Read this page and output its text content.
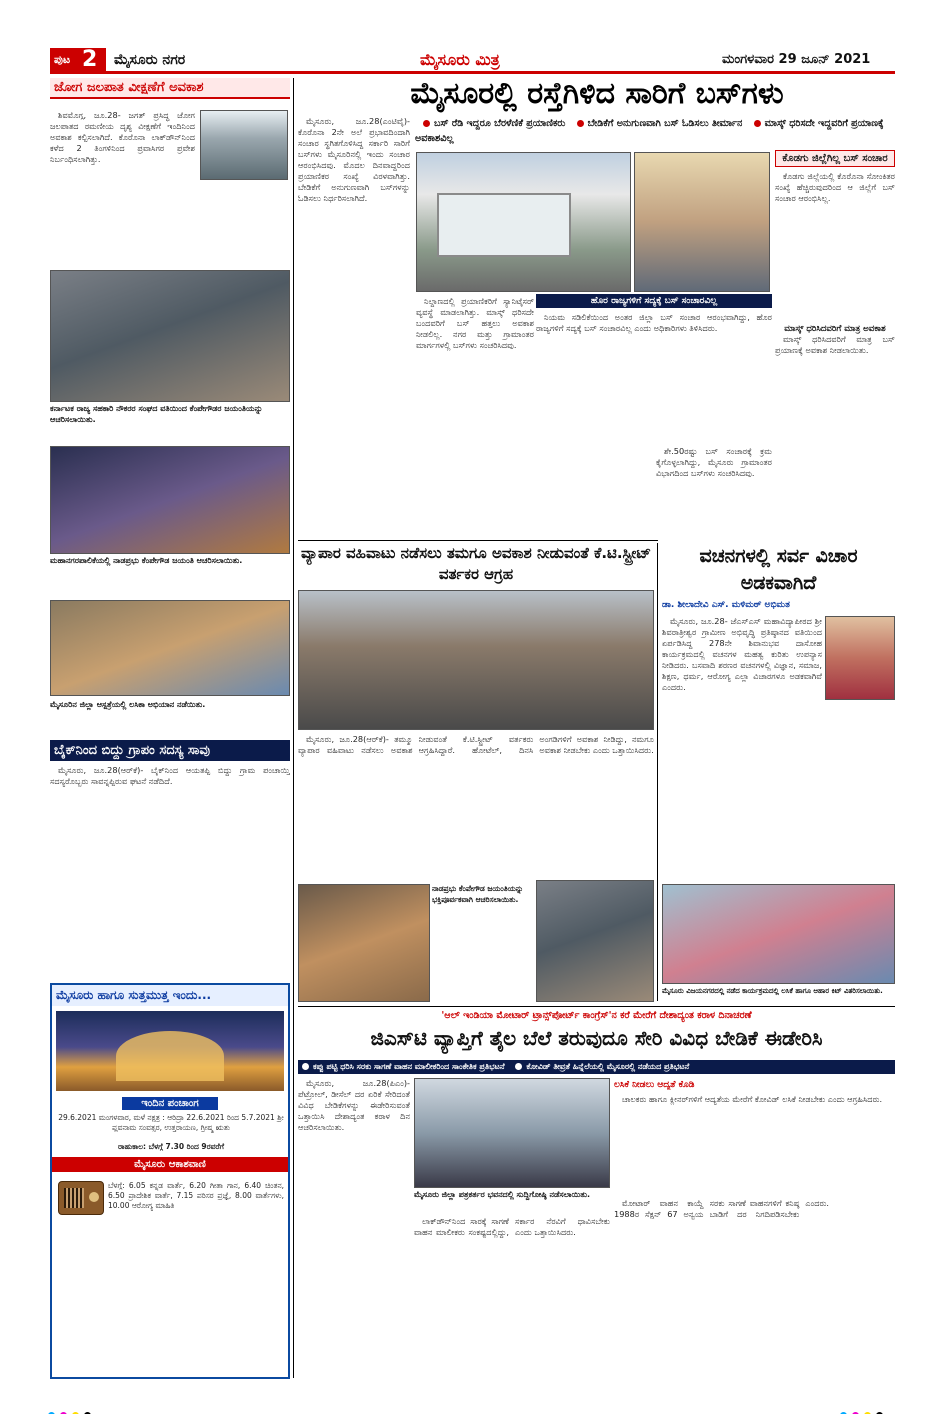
ಪುಟ 2 ಮೈಸೂರು ನಗರ	ಮೈಸೂರು ಮಿತ್ರ	ಮಂಗಳವಾರ 29 ಜೂನ್ 2021
ಜೋಗ ಜಲಪಾತ ವೀಕ್ಷಣೆಗೆ ಅವಕಾಶ

ಶಿವಮೊಗ್ಗ, ಜೂ.28- ಜಗತ್ ಪ್ರಸಿದ್ಧ ಜೋಗ ಜಲಪಾತದ ರಮಣೀಯ ದೃಶ್ಯ ವೀಕ್ಷಣೆಗೆ ಇಂದಿನಿಂದ ಅವಕಾಶ ಕಲ್ಪಿಸಲಾಗಿದೆ. ಕೊರೊನಾ ಲಾಕ್‌ಡೌನ್‌ನಿಂದ ಕಳೆದ 2 ತಿಂಗಳಿನಿಂದ ಪ್ರವಾಸಿಗರ ಪ್ರವೇಶ ನಿರ್ಬಂಧಿಸಲಾಗಿತ್ತು.

ಕರ್ನಾಟಕ ರಾಜ್ಯ ಸಹಕಾರಿ ನೌಕರರ ಸಂಘದ ವತಿಯಿಂದ ಕೆಂಪೇಗೌಡರ ಜಯಂತಿಯನ್ನು ಆಚರಿಸಲಾಯಿತು.
ಮಹಾನಗರಪಾಲಿಕೆಯಲ್ಲಿ ನಾಡಪ್ರಭು ಕೆಂಪೇಗೌಡ ಜಯಂತಿ ಆಚರಿಸಲಾಯಿತು.
ಮೈಸೂರಿನ ಜಿಲ್ಲಾ ಆಸ್ಪತ್ರೆಯಲ್ಲಿ ಲಸಿಕಾ ಅಭಿಯಾನ ನಡೆಯಿತು.
ಬೈಕ್‌ನಿಂದ ಬಿದ್ದು ಗ್ರಾಪಂ ಸದಸ್ಯ ಸಾವು

ಮೈಸೂರು, ಜೂ.28(ಆರ್‌ಕೆ)- ಬೈಕ್‌ನಿಂದ ಆಯತಪ್ಪಿ ಬಿದ್ದು ಗ್ರಾಮ ಪಂಚಾಯ್ತಿ ಸದಸ್ಯರೊಬ್ಬರು ಸಾವನ್ನಪ್ಪಿರುವ ಘಟನೆ ನಡೆದಿದೆ.

ಮೈಸೂರು ಹಾಗೂ ಸುತ್ತಮುತ್ತ ಇಂದು...
ಇಂದಿನ ಪಂಚಾಂಗ
29.6.2021 ಮಂಗಳವಾರ, ಮಳೆ ನಕ್ಷತ್ರ : ಆರಿದ್ರಾ 22.6.2021 ರಿಂದ 5.7.2021 ಶ್ರೀ ಪ್ಲವನಾಮ ಸಂವತ್ಸರ, ಉತ್ತರಾಯಣ, ಗ್ರೀಷ್ಮ ಋತು
ರಾಹುಕಾಲ: ಬೆಳಗ್ಗೆ 7.30 ರಿಂದ 9ರವರೆಗೆ
ಮೈಸೂರು ಆಕಾಶವಾಣಿ
ಬೆಳಗ್ಗೆ: 6.05 ಕನ್ನಡ ವಾರ್ತೆ, 6.20 ಗೀತಾ ಗಾನ, 6.40 ಚಿಂತನ, 6.50 ಪ್ರಾದೇಶಿಕ ವಾರ್ತೆ, 7.15 ಪರಿಸರ ಪ್ರಜ್ಞೆ, 8.00 ವಾರ್ತೆಗಳು, 10.00 ಆರೋಗ್ಯ ಮಾಹಿತಿ
ಮೈಸೂರಲ್ಲಿ ರಸ್ತೆಗಿಳಿದ ಸಾರಿಗೆ ಬಸ್‌ಗಳು
ಬಸ್ ರೆಡಿ ಇದ್ದರೂ ಬೆರಳೆಣಿಕೆ ಪ್ರಯಾಣಿಕರು ಬೇಡಿಕೆಗೆ ಅನುಗುಣವಾಗಿ ಬಸ್ ಓಡಿಸಲು ತೀರ್ಮಾನ ಮಾಸ್ಕ್ ಧರಿಸದೇ ಇದ್ದವರಿಗೆ ಪ್ರಯಾಣಕ್ಕೆ ಅವಕಾಶವಿಲ್ಲ

ಮೈಸೂರು, ಜೂ.28(ಎಂಟಿವೈ)- ಕೊರೊನಾ 2ನೇ ಅಲೆ ಪ್ರಭಾವದಿಂದಾಗಿ ಸಂಚಾರ ಸ್ಥಗಿತಗೊಳಿಸಿದ್ದ ಸರ್ಕಾರಿ ಸಾರಿಗೆ ಬಸ್‌ಗಳು ಮೈಸೂರಿನಲ್ಲಿ ಇಂದು ಸಂಚಾರ ಆರಂಭಿಸಿದವು. ಮೊದಲ ದಿನವಾದ್ದರಿಂದ ಪ್ರಯಾಣಿಕರ ಸಂಖ್ಯೆ ವಿರಳವಾಗಿತ್ತು. ಬೇಡಿಕೆಗೆ ಅನುಗುಣವಾಗಿ ಬಸ್‌ಗಳನ್ನು ಓಡಿಸಲು ನಿರ್ಧರಿಸಲಾಗಿದೆ.

ಕೊಡಗು ಜಿಲ್ಲೆಗಿಲ್ಲ ಬಸ್ ಸಂಚಾರ

ಕೊಡಗು ಜಿಲ್ಲೆಯಲ್ಲಿ ಕೊರೊನಾ ಸೋಂಕಿತರ ಸಂಖ್ಯೆ ಹೆಚ್ಚಿರುವುದರಿಂದ ಆ ಜಿಲ್ಲೆಗೆ ಬಸ್ ಸಂಚಾರ ಆರಂಭಿಸಿಲ್ಲ.

ಮಾಸ್ಕ್ ಧರಿಸಿದವರಿಗೆ ಮಾತ್ರ ಅವಕಾಶ

ಮಾಸ್ಕ್ ಧರಿಸಿದವರಿಗೆ ಮಾತ್ರ ಬಸ್ ಪ್ರಯಾಣಕ್ಕೆ ಅವಕಾಶ ನೀಡಲಾಯಿತು.

ನಿಲ್ದಾಣದಲ್ಲಿ ಪ್ರಯಾಣಿಕರಿಗೆ ಸ್ಯಾನಿಟೈಸರ್ ವ್ಯವಸ್ಥೆ ಮಾಡಲಾಗಿತ್ತು. ಮಾಸ್ಕ್ ಧರಿಸದೇ ಬಂದವರಿಗೆ ಬಸ್ ಹತ್ತಲು ಅವಕಾಶ ನೀಡಲಿಲ್ಲ. ನಗರ ಮತ್ತು ಗ್ರಾಮಾಂತರ ಮಾರ್ಗಗಳಲ್ಲಿ ಬಸ್‌ಗಳು ಸಂಚರಿಸಿದವು.

ಹೊರ ರಾಜ್ಯಗಳಿಗೆ ಸದ್ಯಕ್ಕೆ ಬಸ್ ಸಂಚಾರವಿಲ್ಲ

ನಿಯಮ ಸಡಿಲಿಕೆಯಿಂದ ಅಂತರ ಜಿಲ್ಲಾ ಬಸ್ ಸಂಚಾರ ಆರಂಭವಾಗಿದ್ದು, ಹೊರ ರಾಜ್ಯಗಳಿಗೆ ಸದ್ಯಕ್ಕೆ ಬಸ್ ಸಂಚಾರವಿಲ್ಲ ಎಂದು ಅಧಿಕಾರಿಗಳು ತಿಳಿಸಿದರು.

ಶೇ.50ರಷ್ಟು ಬಸ್ ಸಂಚಾರಕ್ಕೆ ಕ್ರಮ ಕೈಗೊಳ್ಳಲಾಗಿದ್ದು, ಮೈಸೂರು ಗ್ರಾಮಾಂತರ ವಿಭಾಗದಿಂದ ಬಸ್‌ಗಳು ಸಂಚರಿಸಿದವು.

ವ್ಯಾಪಾರ ವಹಿವಾಟು ನಡೆಸಲು ತಮಗೂ ಅವಕಾಶ ನೀಡುವಂತೆ ಕೆ.ಟಿ.ಸ್ಟ್ರೀಟ್ ವರ್ತಕರ ಆಗ್ರಹ

ಮೈಸೂರು, ಜೂ.28(ಆರ್‌ಕೆ)- ತಮ್ಮೂ ವ್ಯಾಪಾರ ವಹಿವಾಟು ನಡೆಸಲು ಅವಕಾಶ ನೀಡುವಂತೆ ಕೆ.ಟಿ.ಸ್ಟ್ರೀಟ್ ವರ್ತಕರು ಆಗ್ರಹಿಸಿದ್ದಾರೆ. ಹೋಟೆಲ್, ದಿನಸಿ ಅಂಗಡಿಗಳಿಗೆ ಅವಕಾಶ ನೀಡಿದ್ದು, ನಮಗೂ ಅವಕಾಶ ನೀಡಬೇಕು ಎಂದು ಒತ್ತಾಯಿಸಿದರು.

ನಾಡಪ್ರಭು ಕೆಂಪೇಗೌಡ ಜಯಂತಿಯನ್ನು ಭಕ್ತಿಪೂರ್ವಕವಾಗಿ ಆಚರಿಸಲಾಯಿತು.
ವಚನಗಳಲ್ಲಿ ಸರ್ವ ವಿಚಾರ ಅಡಕವಾಗಿದೆ
ಡಾ. ಶೀಲಾದೇವಿ ಎಸ್. ಮಳಿಮಠ್ ಅಭಿಮತ

ಮೈಸೂರು, ಜೂ.28- ಜೆಎಸ್‌ಎಸ್ ಮಹಾವಿದ್ಯಾಪೀಠದ ಶ್ರೀ ಶಿವರಾತ್ರೀಶ್ವರ ಗ್ರಾಮೀಣ ಅಭಿವೃದ್ಧಿ ಪ್ರತಿಷ್ಠಾನದ ವತಿಯಿಂದ ಏರ್ಪಡಿಸಿದ್ದ 278ನೇ ಶಿವಾನುಭವ ದಾಸೋಹ ಕಾರ್ಯಕ್ರಮದಲ್ಲಿ ವಚನಗಳ ಮಹತ್ವ ಕುರಿತು ಉಪನ್ಯಾಸ ನೀಡಿದರು. ಬಸವಾದಿ ಶರಣರ ವಚನಗಳಲ್ಲಿ ವಿಜ್ಞಾನ, ಸಮಾಜ, ಶಿಕ್ಷಣ, ಧರ್ಮ, ಆರೋಗ್ಯ ಎಲ್ಲಾ ವಿಚಾರಗಳೂ ಅಡಕವಾಗಿವೆ ಎಂದರು.

ಮೈಸೂರು ವಿಜಯನಗರದಲ್ಲಿ ನಡೆದ ಕಾರ್ಯಕ್ರಮದಲ್ಲಿ ಲಸಿಕೆ ಹಾಗೂ ಆಹಾರ ಕಿಟ್ ವಿತರಿಸಲಾಯಿತು.
'ಆಲ್ ಇಂಡಿಯಾ ಮೋಟಾರ್ ಟ್ರಾನ್ಸ್‌ಪೋರ್ಟ್ ಕಾಂಗ್ರೆಸ್'ನ ಕರೆ ಮೇರೆಗೆ ದೇಶಾದ್ಯಂತ ಕರಾಳ ದಿನಾಚರಣೆ
ಜಿಎಸ್‌ಟಿ ವ್ಯಾಪ್ತಿಗೆ ತೈಲ ಬೆಲೆ ತರುವುದೂ ಸೇರಿ ವಿವಿಧ ಬೇಡಿಕೆ ಈಡೇರಿಸಿ
ಕಪ್ಪು ಪಟ್ಟಿ ಧರಿಸಿ ಸರಕು ಸಾಗಣೆ ವಾಹನ ಮಾಲೀಕರಿಂದ ಸಾಂಕೇತಿಕ ಪ್ರತಿಭಟನೆ	ಕೋವಿಡ್ ತೀವ್ರತೆ ಹಿನ್ನೆಲೆಯಲ್ಲಿ ಮೈಸೂರಲ್ಲಿ ನಡೆಯದ ಪ್ರತಿಭಟನೆ

ಮೈಸೂರು, ಜೂ.28(ಪಿಎಂ)- ಪೆಟ್ರೋಲ್, ಡೀಸೆಲ್ ದರ ಏರಿಕೆ ಸೇರಿದಂತೆ ವಿವಿಧ ಬೇಡಿಕೆಗಳನ್ನು ಈಡೇರಿಸುವಂತೆ ಒತ್ತಾಯಿಸಿ ದೇಶಾದ್ಯಂತ ಕರಾಳ ದಿನ ಆಚರಿಸಲಾಯಿತು.

ಮೈಸೂರು ಜಿಲ್ಲಾ ಪತ್ರಕರ್ತರ ಭವನದಲ್ಲಿ ಸುದ್ದಿಗೋಷ್ಠಿ ನಡೆಸಲಾಯಿತು.

ಲಾಕ್‌ಡೌನ್‌ನಿಂದ ಸಾರಕ್ಕೆ ಸಾಗಣೆ ವಾಹನ ಮಾಲೀಕರು ಸಂಕಷ್ಟದಲ್ಲಿದ್ದು, ಸರ್ಕಾರ ನೆರವಿಗೆ ಧಾವಿಸಬೇಕು ಎಂದು ಒತ್ತಾಯಿಸಿದರು.

ಲಸಿಕೆ ನೀಡಲು ಆದ್ಯತೆ ಕೊಡಿ

ಚಾಲಕರು ಹಾಗೂ ಕ್ಲೀನರ್‌ಗಳಿಗೆ ಆದ್ಯತೆಯ ಮೇರೆಗೆ ಕೋವಿಡ್ ಲಸಿಕೆ ನೀಡಬೇಕು ಎಂದು ಆಗ್ರಹಿಸಿದರು.

ಮೋಟಾರ್ ವಾಹನ ಕಾಯ್ದೆ 1988ರ ಸೆಕ್ಷನ್ 67 ಅನ್ವಯ ಸರಕು ಸಾಗಣೆ ವಾಹನಗಳಿಗೆ ಕನಿಷ್ಠ ಬಾಡಿಗೆ ದರ ನಿಗದಿಪಡಿಸಬೇಕು ಎಂದರು.
